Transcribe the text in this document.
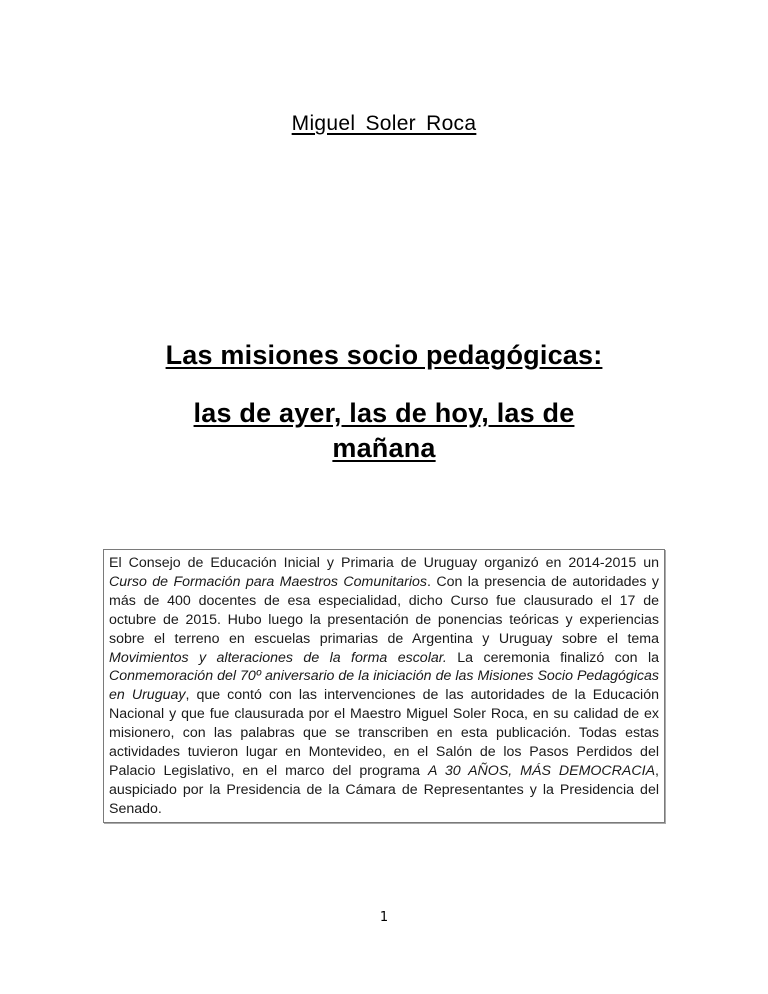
Miguel Soler Roca
Las misiones socio pedagógicas:
las de ayer, las de hoy, las de
mañana
El Consejo de Educación Inicial y Primaria de Uruguay organizó en 2014-2015 un Curso de Formación para Maestros Comunitarios. Con la presencia de autoridades y más de 400 docentes de esa especialidad, dicho Curso fue clausurado el 17 de octubre de 2015. Hubo luego la presentación de ponencias teóricas y experiencias sobre el terreno en escuelas primarias de Argentina y Uruguay sobre el tema Movimientos y alteraciones de la forma escolar. La ceremonia finalizó con la Conmemoración del 70º aniversario de la iniciación de las Misiones Socio Pedagógicas en Uruguay, que contó con las intervenciones de las autoridades de la Educación Nacional y que fue clausurada por el Maestro Miguel Soler Roca, en su calidad de ex misionero, con las palabras que se transcriben en esta publicación. Todas estas actividades tuvieron lugar en Montevideo, en el Salón de los Pasos Perdidos del Palacio Legislativo, en el marco del programa A 30 AÑOS, MÁS DEMOCRACIA, auspiciado por la Presidencia de la Cámara de Representantes y la Presidencia del Senado.
1
